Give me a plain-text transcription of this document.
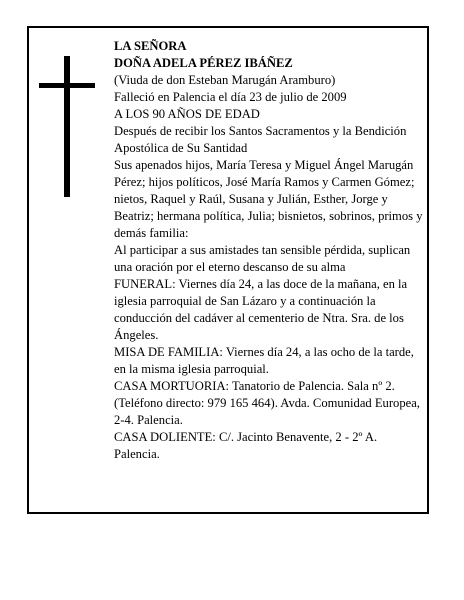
LA SEÑORA

DOÑA ADELA PÉREZ IBÁÑEZ

(Viuda de don Esteban Marugán Aramburo)

Falleció en Palencia el día 23 de julio de 2009

A LOS 90 AÑOS DE EDAD

Después de recibir los Santos Sacramentos y la Bendición Apostólica de Su Santidad

Sus apenados hijos, María Teresa y Miguel Ángel Marugán Pérez; hijos políticos, José María Ramos y Carmen Gómez; nietos, Raquel y Raúl, Susana y Julián, Esther, Jorge y Beatriz; hermana política, Julia; bisnietos, sobrinos, primos y demás familia:

Al participar a sus amistades tan sensible pérdida, suplican una oración por el eterno descanso de su alma

FUNERAL: Viernes día 24, a las doce de la mañana, en la iglesia parroquial de San Lázaro y a continuación la conducción del cadáver al cementerio de Ntra. Sra. de los Ángeles.

MISA DE FAMILIA: Viernes día 24, a las ocho de la tarde, en la misma iglesia parroquial.

CASA MORTUORIA: Tanatorio de Palencia. Sala nº 2. (Teléfono directo: 979 165 464). Avda. Comunidad Europea, 2-4. Palencia.

CASA DOLIENTE: C/. Jacinto Benavente, 2 - 2º A. Palencia.
